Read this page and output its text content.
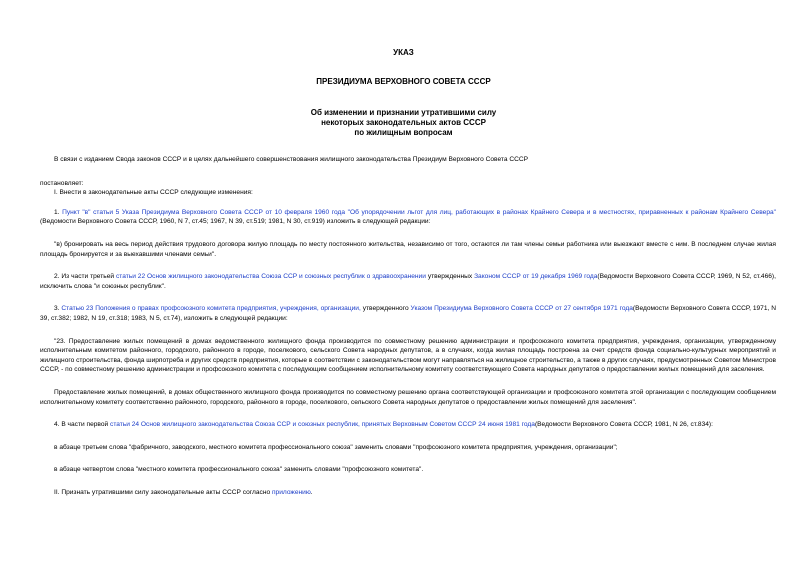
УКАЗ
ПРЕЗИДИУМА ВЕРХОВНОГО СОВЕТА СССР
Об изменении и признании утратившими силу
некоторых законодательных актов СССР
по жилищным вопросам

В связи с изданием Свода законов СССР и в целях дальнейшего совершенствования жилищного законодательства Президиум Верховного Совета СССР

постановляет:

I. Внести в законодательные акты СССР следующие изменения:

1. Пункт "в" статьи 5 Указа Президиума Верховного Совета СССР от 10 февраля 1960 года "Об упорядочении льгот для лиц, работающих в районах Крайнего Севера и в местностях, приравненных к районам Крайнего Севера" (Ведомости Верховного Совета СССР, 1960, N 7, ст.45; 1967, N 39, ст.519; 1981, N 30, ст.919) изложить в следующей редакции:

"в) бронировать на весь период действия трудового договора жилую площадь по месту постоянного жительства, независимо от того, остаются ли там члены семьи работника или выезжают вместе с ним. В последнем случае жилая площадь бронируется и за выехавшими членами семьи".

2. Из части третьей статьи 22 Основ жилищного законодательства Союза ССР и союзных республик о здравоохранении утвержденных Законом СССР от 19 декабря 1969 года(Ведомости Верховного Совета СССР, 1969, N 52, ст.466), исключить слова "и союзных республик".

3. Статью 23 Положения о правах профсоюзного комитета предприятия, учреждения, организации, утвержденного Указом Президиума Верховного Совета СССР от 27 сентября 1971 года(Ведомости Верховного Совета СССР, 1971, N 39, ст.382; 1982, N 19, ст.318; 1983, N 5, ст.74), изложить в следующей редакции:

"23. Предоставление жилых помещений в домах ведомственного жилищного фонда производится по совместному решению администрации и профсоюзного комитета предприятия, учреждения, организации, утвержденному исполнительным комитетом районного, городского, районного в городе, поселкового, сельского Совета народных депутатов, а в случаях, когда жилая площадь построена за счет средств фонда социально-культурных мероприятий и жилищного строительства, фонда ширпотреба и других средств предприятия, которые в соответствии с законодательством могут направляться на жилищное строительство, а также в других случаях, предусмотренных Советом Министров СССР, - по совместному решению администрации и профсоюзного комитета с последующим сообщением исполнительному комитету соответствующего Совета народных депутатов о предоставлении жилых помещений для заселения.

Предоставление жилых помещений, в домах общественного жилищного фонда производится по совместному решению органа соответствующей организации и профсоюзного комитета этой организации с последующим сообщением исполнительному комитету соответственно районного, городского, районного в городе, поселкового, сельского Совета народных депутатов о предоставлении жилых помещений для заселения".

4. В части первой статьи 24 Основ жилищного законодательства Союза ССР и союзных республик, принятых Верховным Советом СССР 24 июня 1981 года(Ведомости Верховного Совета СССР, 1981, N 26, ст.834):

в абзаце третьем слова "фабричного, заводского, местного комитета профессионального союза" заменить словами "профсоюзного комитета предприятия, учреждения, организации";

в абзаце четвертом слова "местного комитета профессионального союза" заменить словами "профсоюзного комитета".

II. Признать утратившими силу законодательные акты СССР согласно приложению.
